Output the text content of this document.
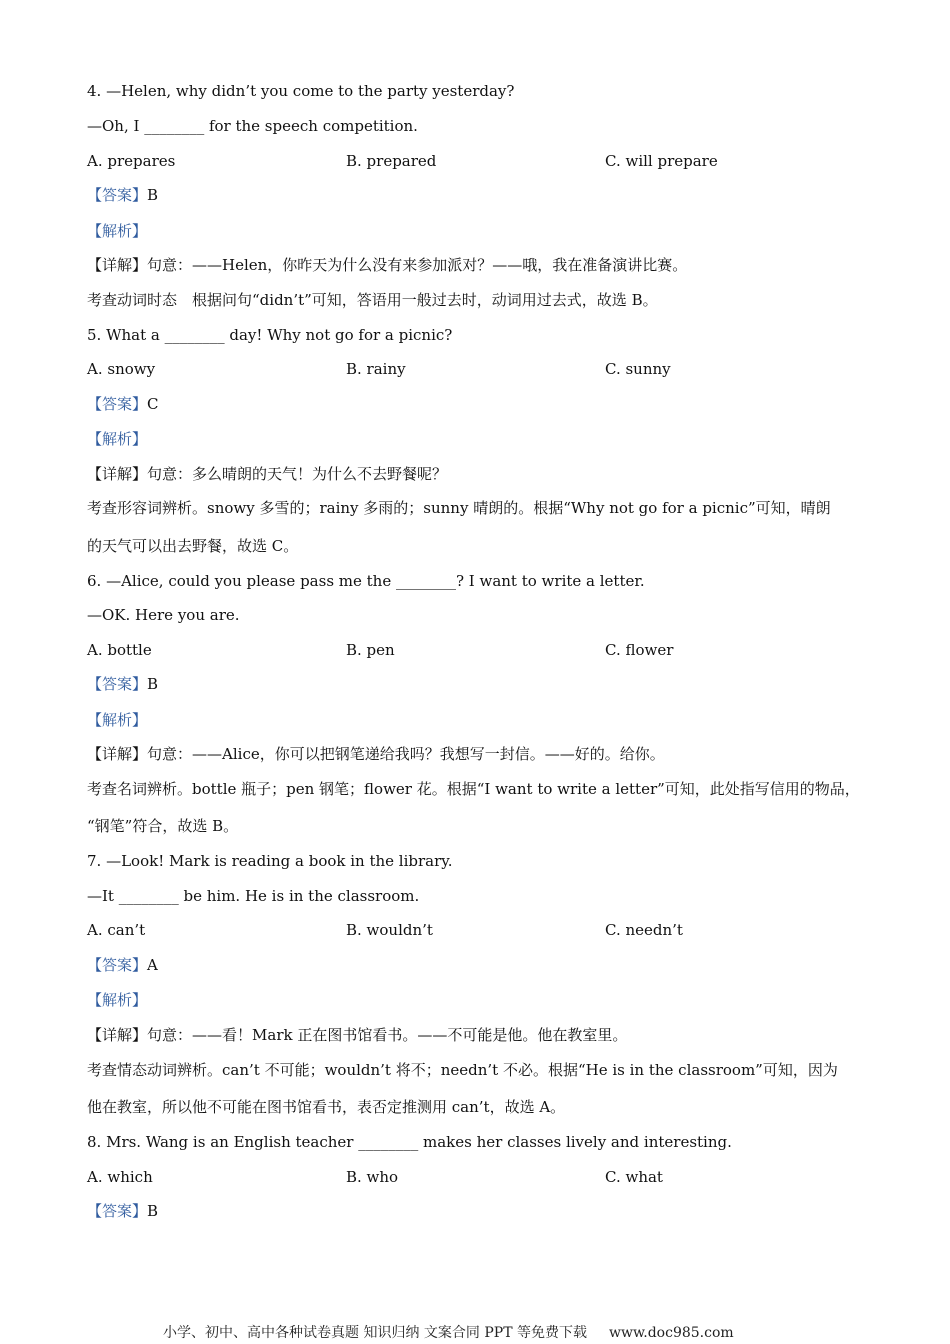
4. —Helen, why didn’t you come to the party yesterday?
—Oh, I ________ for the speech competition.
A. prepares	B. prepared	C. will prepare
【答案】B
【解析】
【详解】句意：——Helen，你昨天为什么没有来参加派对？——哦，我在准备演讲比赛。
考查动词时态　根据问句“didn’t”可知，答语用一般过去时，动词用过去式，故选 B。
5. What a ________ day! Why not go for a picnic?
A. snowy	B. rainy	C. sunny
【答案】C
【解析】
【详解】句意：多么晴朗的天气！为什么不去野餐呢？
考查形容词辨析。snowy 多雪的；rainy 多雨的；sunny 晴朗的。根据“Why not go for a picnic”可知，晴朗
的天气可以出去野餐，故选 C。
6. —Alice, could you please pass me the ________? I want to write a letter.
—OK. Here you are.
A. bottle	B. pen	C. flower
【答案】B
【解析】
【详解】句意：——Alice，你可以把钢笔递给我吗？我想写一封信。——好的。给你。
考查名词辨析。bottle 瓶子；pen 钢笔；flower 花。根据“I want to write a letter”可知，此处指写信用的物品，
“钢笔”符合，故选 B。
7. —Look! Mark is reading a book in the library.
—It ________ be him. He is in the classroom.
A. can’t	B. wouldn’t	C. needn’t
【答案】A
【解析】
【详解】句意：——看！Mark 正在图书馆看书。——不可能是他。他在教室里。
考查情态动词辨析。can’t 不可能；wouldn’t 将不；needn’t 不必。根据“He is in the classroom”可知，因为
他在教室，所以他不可能在图书馆看书，表否定推测用 can’t，故选 A。
8. Mrs. Wang is an English teacher ________ makes her classes lively and interesting.
A. which	B. who	C. what
【答案】B
小学、初中、高中各种试卷真题 知识归纳 文案合同 PPT 等免费下载 www.doc985.com
